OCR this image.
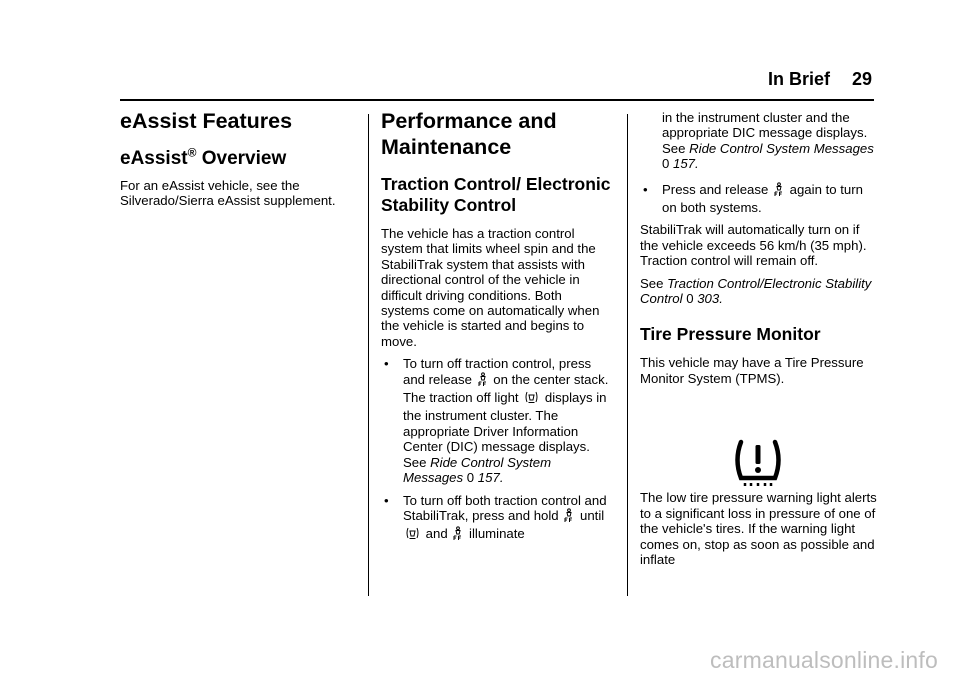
In Brief 29
eAssist Features
eAssist® Overview

For an eAssist vehicle, see the Silverado/Sierra eAssist supplement.

Performance and Maintenance
Traction Control/ Electronic Stability Control

The vehicle has a traction control system that limits wheel spin and the StabiliTrak system that assists with directional control of the vehicle in difficult driving conditions. Both systems come on automatically when the vehicle is started and begins to move.

• To turn off traction control, press and release on the center stack. The traction off light displays in the instrument cluster. The appropriate Driver Information Center (DIC) message displays. See Ride Control System Messages 0 157.
• To turn off both traction control and StabiliTrak, press and hold until  and illuminate
in the instrument cluster and the appropriate DIC message displays. See Ride Control System Messages 0 157.
• Press and release again to turn on both systems.

StabiliTrak will automatically turn on if the vehicle exceeds 56 km/h (35 mph). Traction control will remain off.

See Traction Control/Electronic Stability Control 0 303.

Tire Pressure Monitor

This vehicle may have a Tire Pressure Monitor System (TPMS).

The low tire pressure warning light alerts to a significant loss in pressure of one of the vehicle's tires. If the warning light comes on, stop as soon as possible and inflate

carmanualsonline.info
